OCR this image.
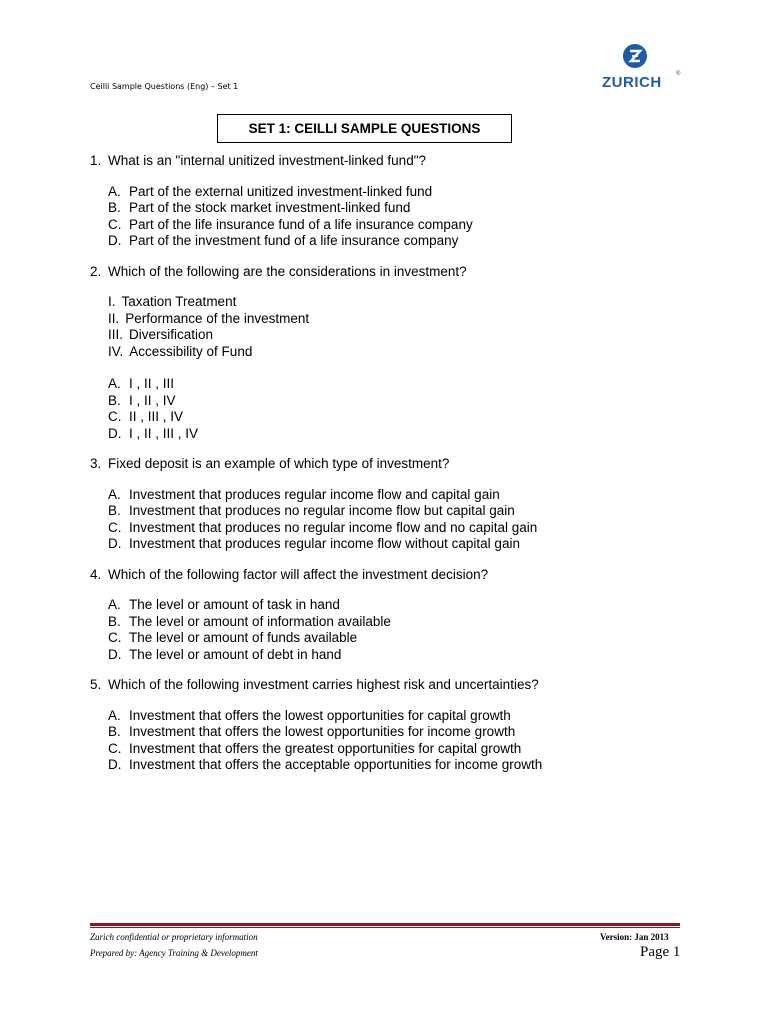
Ceilli Sample Questions (Eng) – Set 1	ZURICH ®
SET 1: CEILLI SAMPLE QUESTIONS
1. What is an "internal unitized investment-linked fund"?
A. Part of the external unitized investment-linked fund
B. Part of the stock market investment-linked fund
C. Part of the life insurance fund of a life insurance company
D. Part of the investment fund of a life insurance company
2. Which of the following are the considerations in investment?
I. Taxation Treatment
II. Performance of the investment
III. Diversification
IV. Accessibility of Fund
A. I , II , III
B. I , II , IV
C. II , III , IV
D. I , II , III , IV
3. Fixed deposit is an example of which type of investment?
A. Investment that produces regular income flow and capital gain
B. Investment that produces no regular income flow but capital gain
C. Investment that produces no regular income flow and no capital gain
D. Investment that produces regular income flow without capital gain
4. Which of the following factor will affect the investment decision?
A. The level or amount of task in hand
B. The level or amount of information available
C. The level or amount of funds available
D. The level or amount of debt in hand
5. Which of the following investment carries highest risk and uncertainties?
A. Investment that offers the lowest opportunities for capital growth
B. Investment that offers the lowest opportunities for income growth
C. Investment that offers the greatest opportunities for capital growth
D. Investment that offers the acceptable opportunities for income growth
Zurich confidential or proprietary information	Version: Jan 2013
Prepared by: Agency Training & Development	Page 1
